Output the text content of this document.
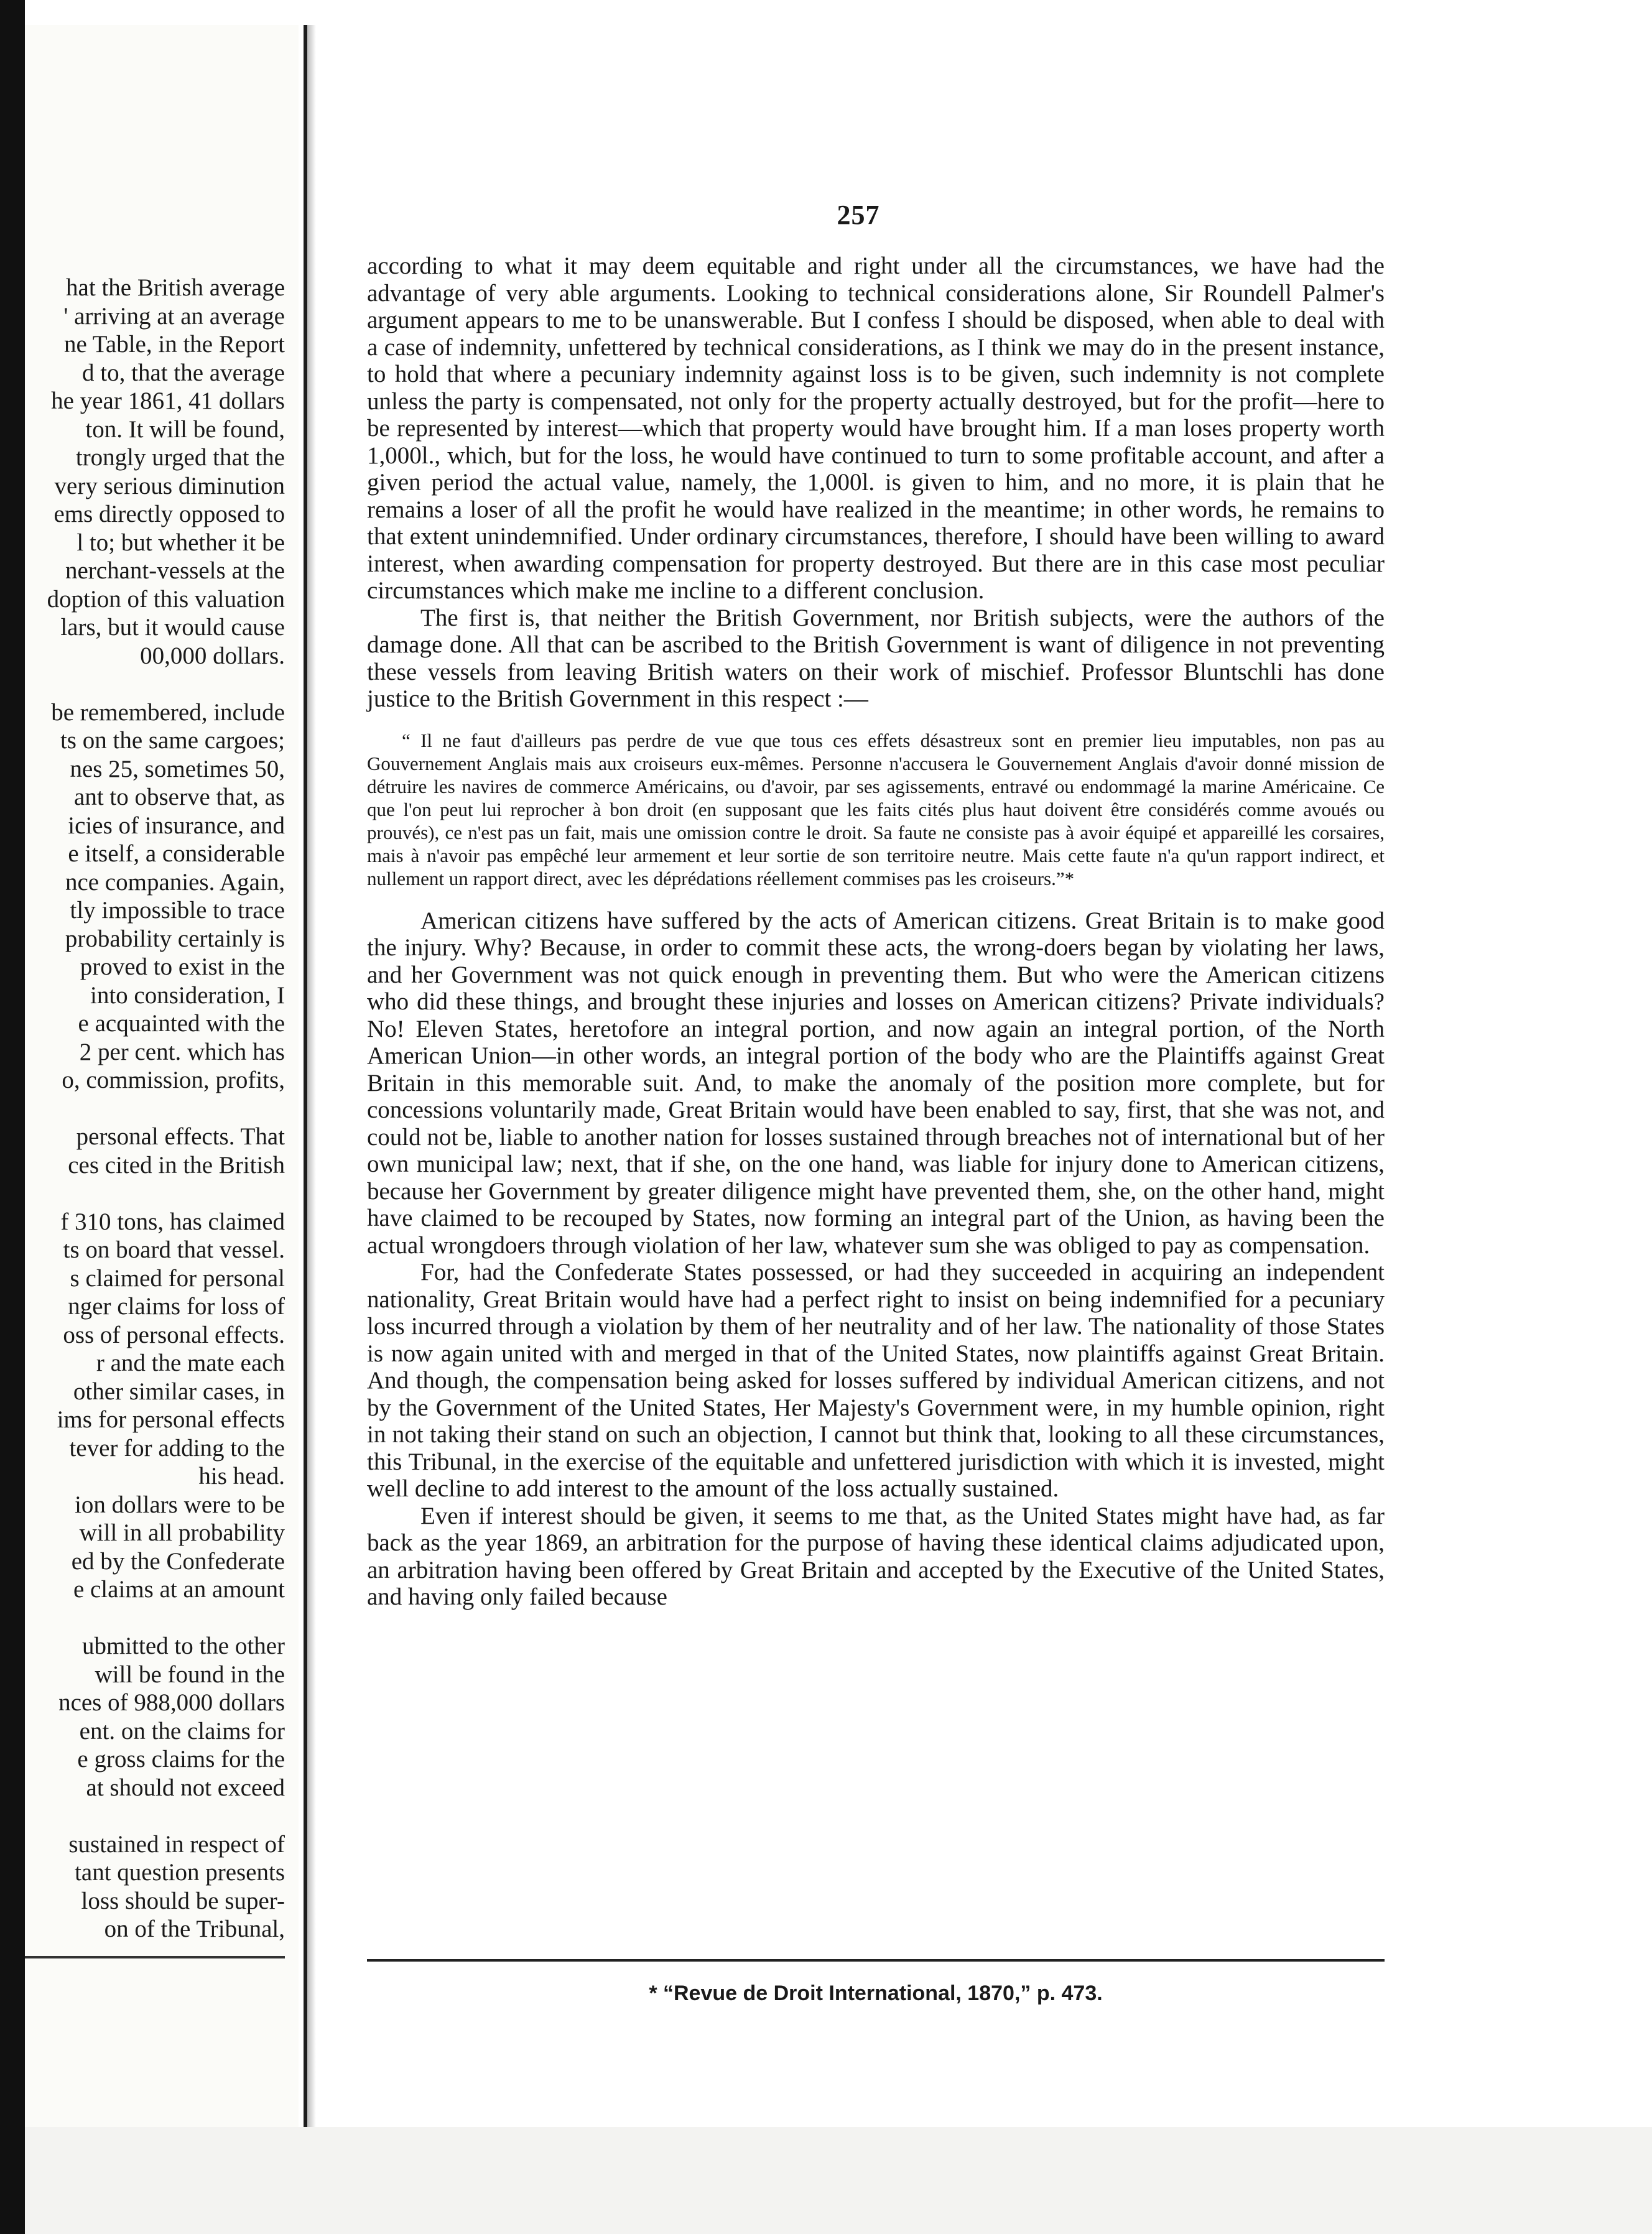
hat the British average
' arriving at an average
ne Table, in the Report
d to, that the average
he year 1861, 41 dollars
ton. It will be found,
trongly urged that the
very serious diminution
ems directly opposed to
l to; but whether it be
nerchant-vessels at the
doption of this valuation
lars, but it would cause
00,000 dollars.
be remembered, include
ts on the same cargoes;
nes 25, sometimes 50,
ant to observe that, as
icies of insurance, and
e itself, a considerable
nce companies. Again,
tly impossible to trace
probability certainly is
proved to exist in the
into consideration, I
e acquainted with the
2 per cent. which has
o, commission, profits,
personal effects. That
ces cited in the British
f 310 tons, has claimed
ts on board that vessel.
s claimed for personal
nger claims for loss of
oss of personal effects.
r and the mate each
other similar cases, in
ims for personal effects
tever for adding to the
his head.
ion dollars were to be
will in all probability
ed by the Confederate
e claims at an amount
ubmitted to the other
will be found in the
nces of 988,000 dollars
ent. on the claims for
e gross claims for the
at should not exceed
sustained in respect of
tant question presents
loss should be super-
on of the Tribunal,
257

according to what it may deem equitable and right under all the circumstances, we have had the advantage of very able arguments. Looking to technical considerations alone, Sir Roundell Palmer's argument appears to me to be unanswerable. But I confess I should be disposed, when able to deal with a case of indemnity, unfettered by technical considerations, as I think we may do in the present instance, to hold that where a pecuniary indemnity against loss is to be given, such indemnity is not complete unless the party is compensated, not only for the property actually destroyed, but for the profit—here to be represented by interest—which that property would have brought him. If a man loses property worth 1,000l., which, but for the loss, he would have continued to turn to some profitable account, and after a given period the actual value, namely, the 1,000l. is given to him, and no more, it is plain that he remains a loser of all the profit he would have realized in the meantime; in other words, he remains to that extent unindemnified. Under ordinary circumstances, therefore, I should have been willing to award interest, when awarding compensation for property destroyed. But there are in this case most peculiar circumstances which make me incline to a different conclusion.

The first is, that neither the British Government, nor British subjects, were the authors of the damage done. All that can be ascribed to the British Government is want of diligence in not preventing these vessels from leaving British waters on their work of mischief. Professor Bluntschli has done justice to the British Government in this respect :—

“ Il ne faut d'ailleurs pas perdre de vue que tous ces effets désastreux sont en premier lieu imputables, non pas au Gouvernement Anglais mais aux croiseurs eux-mêmes. Personne n'accusera le Gouvernement Anglais d'avoir donné mission de détruire les navires de commerce Américains, ou d'avoir, par ses agissements, entravé ou endommagé la marine Américaine. Ce que l'on peut lui reprocher à bon droit (en supposant que les faits cités plus haut doivent être considérés comme avoués ou prouvés), ce n'est pas un fait, mais une omission contre le droit. Sa faute ne consiste pas à avoir équipé et appareillé les corsaires, mais à n'avoir pas empêché leur armement et leur sortie de son territoire neutre. Mais cette faute n'a qu'un rapport indirect, et nullement un rapport direct, avec les déprédations réellement commises pas les croiseurs.”*

American citizens have suffered by the acts of American citizens. Great Britain is to make good the injury. Why? Because, in order to commit these acts, the wrong-doers began by violating her laws, and her Government was not quick enough in preventing them. But who were the American citizens who did these things, and brought these injuries and losses on American citizens? Private individuals? No! Eleven States, heretofore an integral portion, and now again an integral portion, of the North American Union—in other words, an integral portion of the body who are the Plaintiffs against Great Britain in this memorable suit. And, to make the anomaly of the position more complete, but for concessions voluntarily made, Great Britain would have been enabled to say, first, that she was not, and could not be, liable to another nation for losses sustained through breaches not of international but of her own municipal law; next, that if she, on the one hand, was liable for injury done to American citizens, because her Government by greater diligence might have prevented them, she, on the other hand, might have claimed to be recouped by States, now forming an integral part of the Union, as having been the actual wrongdoers through violation of her law, whatever sum she was obliged to pay as compensation.

For, had the Confederate States possessed, or had they succeeded in acquiring an independent nationality, Great Britain would have had a perfect right to insist on being indemnified for a pecuniary loss incurred through a violation by them of her neutrality and of her law. The nationality of those States is now again united with and merged in that of the United States, now plaintiffs against Great Britain. And though, the compensation being asked for losses suffered by individual American citizens, and not by the Government of the United States, Her Majesty's Government were, in my humble opinion, right in not taking their stand on such an objection, I cannot but think that, looking to all these circumstances, this Tribunal, in the exercise of the equitable and unfettered jurisdiction with which it is invested, might well decline to add interest to the amount of the loss actually sustained.

Even if interest should be given, it seems to me that, as the United States might have had, as far back as the year 1869, an arbitration for the purpose of having these identical claims adjudicated upon, an arbitration having been offered by Great Britain and accepted by the Executive of the United States, and having only failed because

* “Revue de Droit International, 1870,” p. 473.
